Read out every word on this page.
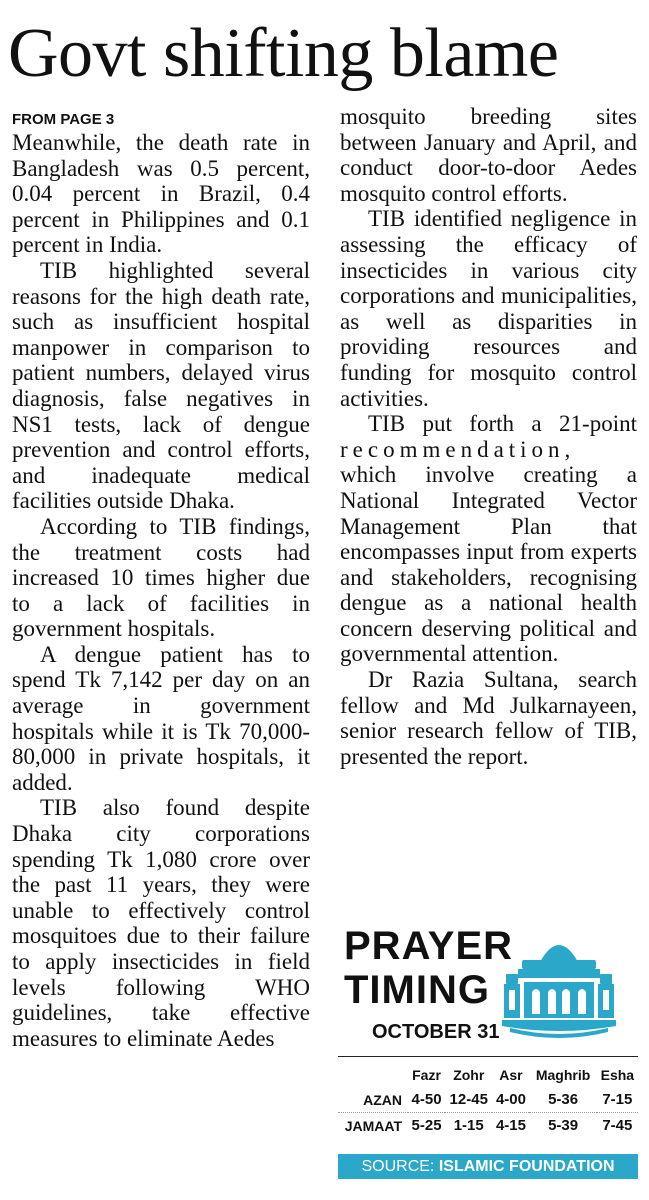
Govt shifting blame
FROM PAGE 3

Meanwhile, the death rate in Bangladesh was 0.5 percent, 0.04 percent in Brazil, 0.4 percent in Philippines and 0.1 percent in India.

TIB highlighted several reasons for the high death rate, such as insufficient hospital manpower in comparison to patient numbers, delayed virus diagnosis, false negatives in NS1 tests, lack of dengue prevention and control efforts, and inadequate medical facilities outside Dhaka.

According to TIB findings, the treatment costs had increased 10 times higher due to a lack of facilities in government hospitals.

A dengue patient has to spend Tk 7,142 per day on an average in government hospitals while it is Tk 70,000-80,000 in private hospitals, it added.

TIB also found despite Dhaka city corporations spending Tk 1,080 crore over the past 11 years, they were unable to effectively control mosquitoes due to their failure to apply insecticides in field levels following WHO guidelines, take effective measures to eliminate Aedes

mosquito breeding sites between January and April, and conduct door-to-door Aedes mosquito control efforts.

TIB identified negligence in assessing the efficacy of insecticides in various city corporations and municipalities, as well as disparities in providing resources and funding for mosquito control activities.

TIB put forth a 21-point recommendation, which involve creating a National Integrated Vector Management Plan that encompasses input from experts and stakeholders, recognising dengue as a national health concern deserving political and governmental attention.

Dr Razia Sultana, search fellow and Md Julkarnayeen, senior research fellow of TIB, presented the report.

PRAYER
TIMING
OCTOBER 31
	Fazr	Zohr	Asr	Maghrib	Esha
AZAN	4-50	12-45	4-00	5-36	7-15
JAMAAT	5-25	1-15	4-15	5-39	7-45
SOURCE: ISLAMIC FOUNDATION
